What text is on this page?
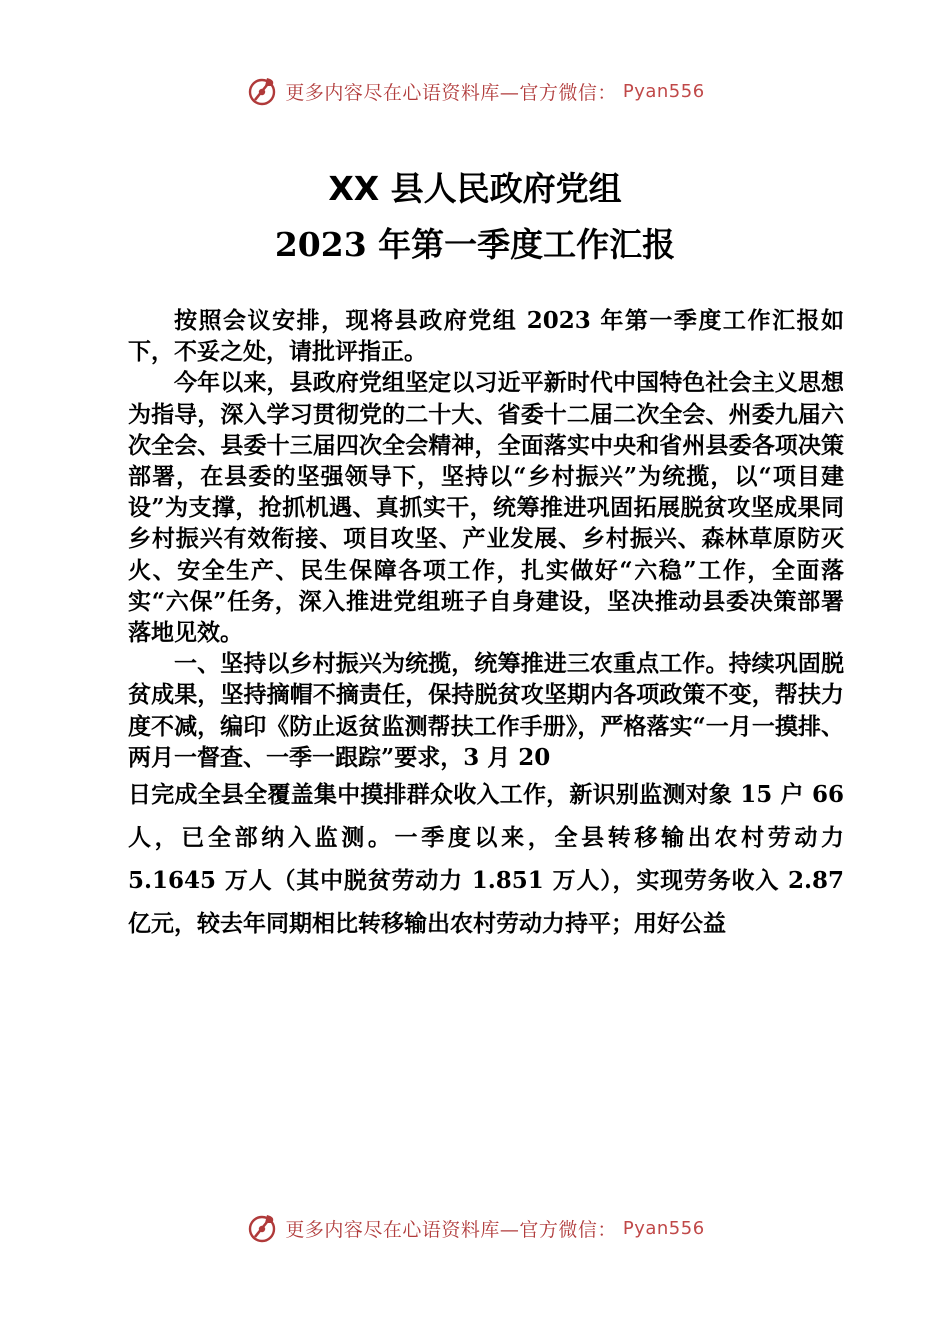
更多内容尽在心语资料库—官方微信： Pyan556
XX 县人民政府党组
2023 年第一季度工作汇报

按照会议安排，现将县政府党组 2023 年第一季度工作汇报如下，不妥之处，请批评指正。

今年以来，县政府党组坚定以习近平新时代中国特色社会主义思想为指导，深入学习贯彻党的二十大、省委十二届二次全会、州委九届六次全会、县委十三届四次全会精神，全面落实中央和省州县委各项决策部署，在县委的坚强领导下，坚持以“乡村振兴”为统揽，以“项目建设”为支撑，抢抓机遇、真抓实干，统筹推进巩固拓展脱贫攻坚成果同乡村振兴有效衔接、项目攻坚、产业发展、乡村振兴、森林草原防灭火、安全生产、民生保障各项工作，扎实做好“六稳”工作，全面落实“六保”任务，深入推进党组班子自身建设，坚决推动县委决策部署落地见效。

一、坚持以乡村振兴为统揽，统筹推进三农重点工作。持续巩固脱贫成果，坚持摘帽不摘责任，保持脱贫攻坚期内各项政策不变，帮扶力度不减，编印《防止返贫监测帮扶工作手册》，严格落实“一月一摸排、两月一督查、一季一跟踪”要求，3 月 20

日完成全县全覆盖集中摸排群众收入工作，新识别监测对象 15 户 66 人，已全部纳入监测。一季度以来，全县转移输出农村劳动力 5.1645 万人（其中脱贫劳动力 1.851 万人），实现劳务收入 2.87 亿元，较去年同期相比转移输出农村劳动力持平；用好公益

更多内容尽在心语资料库—官方微信： Pyan556
